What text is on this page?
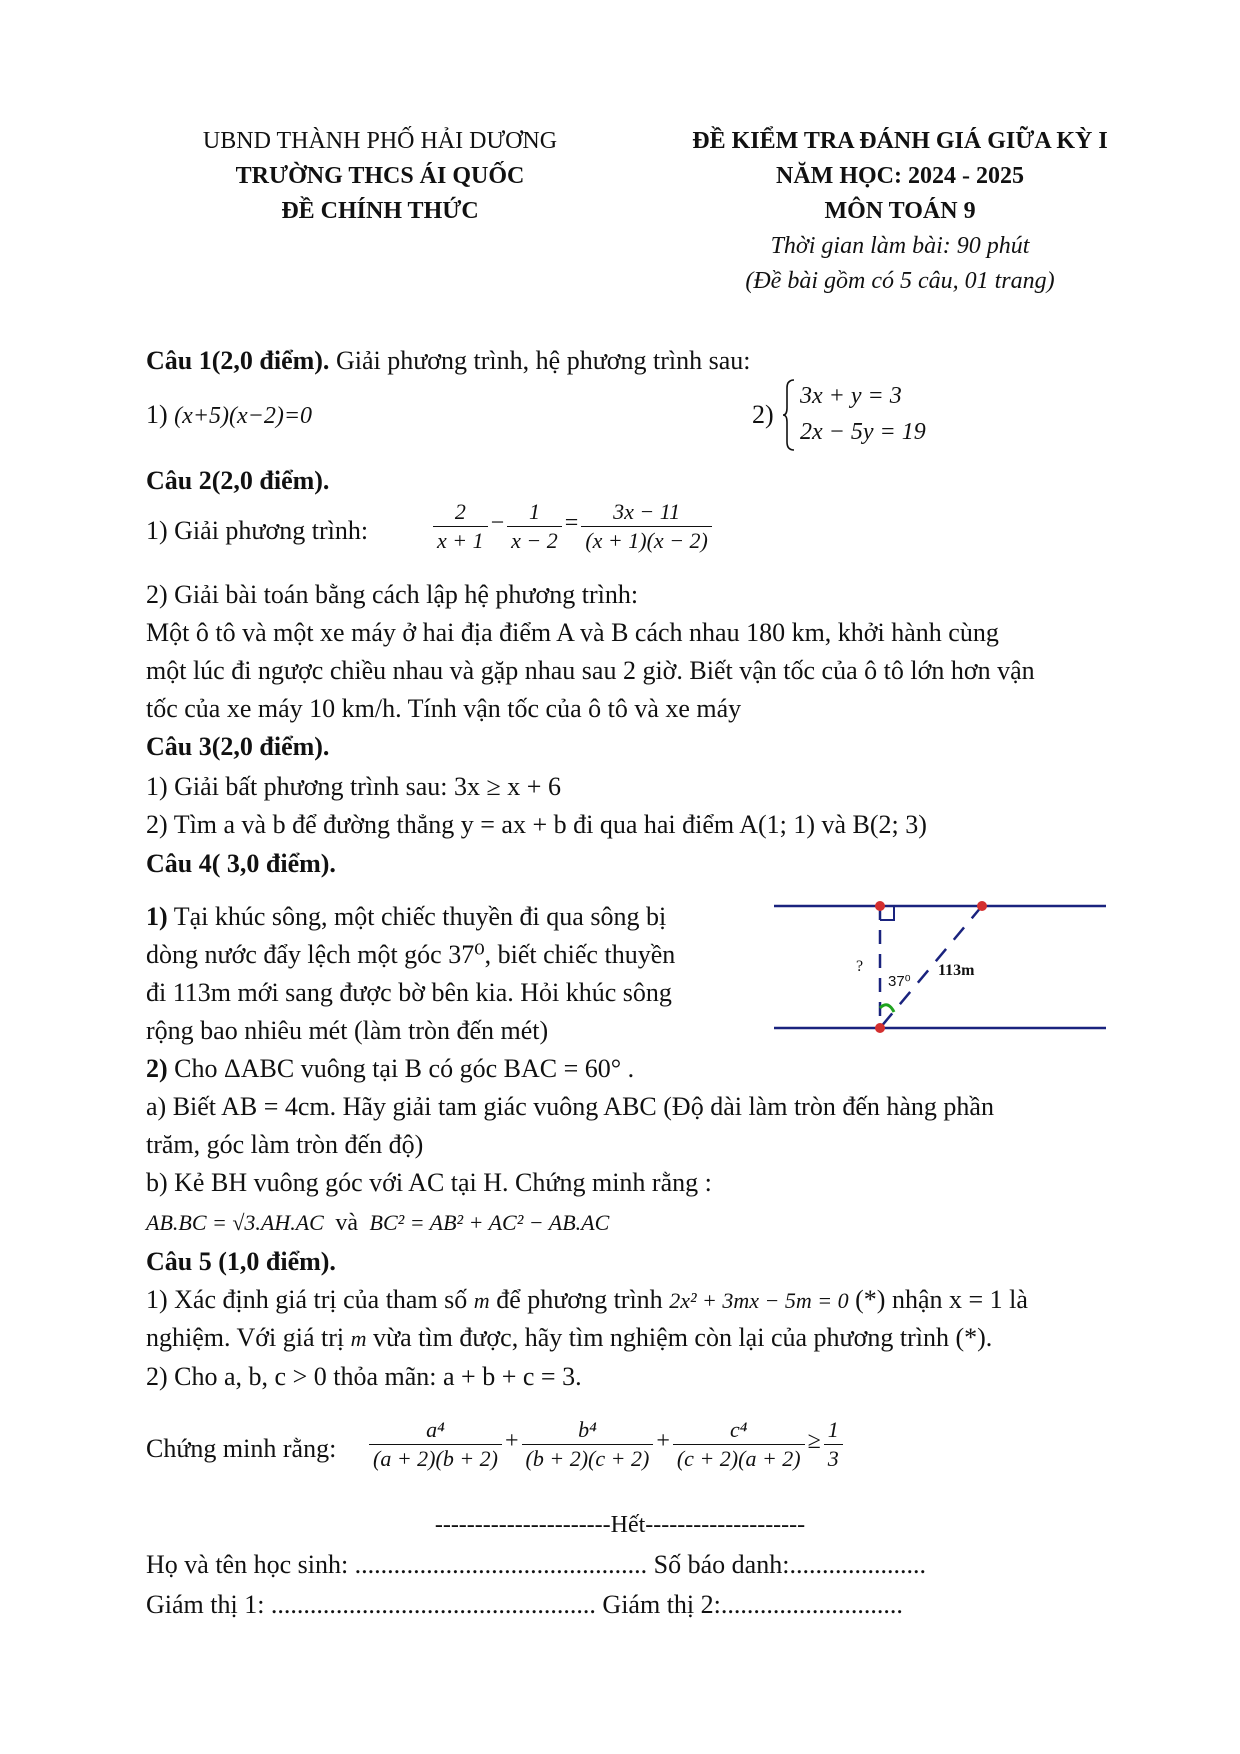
UBND THÀNH PHỐ HẢI DƯƠNG
TRƯỜNG THCS ÁI QUỐC
ĐỀ CHÍNH THỨC
ĐỀ KIỂM TRA ĐÁNH GIÁ GIỮA KỲ I
NĂM HỌC: 2024 - 2025
MÔN TOÁN 9
Thời gian làm bài: 90 phút
(Đề bài gồm có 5 câu, 01 trang)
Câu 1(2,0 điểm). Giải phương trình, hệ phương trình sau:
1) (x+5)(x−2)=0	2)
3x + y = 3
2x − 5y = 19
Câu 2(2,0 điểm).
1) Giải phương trình:	$\frac{2}{x + 1} - \frac{1}{x - 2} = \frac{3x - 11}{(x + 1)(x - 2)}$
2) Giải bài toán bằng cách lập hệ phương trình:
Một ô tô và một xe máy ở hai địa điểm A và B cách nhau 180 km, khởi hành cùng
một lúc đi ngược chiều nhau và gặp nhau sau 2 giờ. Biết vận tốc của ô tô lớn hơn vận
tốc của xe máy 10 km/h. Tính vận tốc của ô tô và xe máy
Câu 3(2,0 điểm).
1) Giải bất phương trình sau: 3x ≥ x + 6
2) Tìm a và b để đường thẳng y = ax + b đi qua hai điểm A(1; 1) và B(2; 3)
Câu 4( 3,0 điểm).
1) Tại khúc sông, một chiếc thuyền đi qua sông bị
dòng nước đẩy lệch một góc 37⁰, biết chiếc thuyền
đi 113m mới sang được bờ bên kia. Hỏi khúc sông
rộng bao nhiêu mét (làm tròn đến mét)
?
37⁰
113m
2) Cho ΔABC vuông tại B có góc BAC = 60° .
a) Biết AB = 4cm. Hãy giải tam giác vuông ABC (Độ dài làm tròn đến hàng phần
trăm, góc làm tròn đến độ)
b) Kẻ BH vuông góc với AC tại H. Chứng minh rằng :
AB.BC = √3.AH.AC và BC² = AB² + AC² − AB.AC
Câu 5 (1,0 điểm).
1) Xác định giá trị của tham số m để phương trình 2x² + 3mx − 5m = 0 (*) nhận x = 1 là
nghiệm. Với giá trị m vừa tìm được, hãy tìm nghiệm còn lại của phương trình (*).
2) Cho a, b, c > 0 thỏa mãn: a + b + c = 3.
Chứng minh rằng: $\frac{\text{a⁴}}{(a + 2)(b + 2)} + \frac{\text{b⁴}}{(b + 2)(c + 2)} + \frac{\text{c⁴}}{(c + 2)(a + 2)} \ge \frac{1}{3}$
----------------------Hết--------------------
Họ và tên học sinh: ............................................. Số báo danh:.....................
Giám thị 1: .................................................. Giám thị 2:............................
